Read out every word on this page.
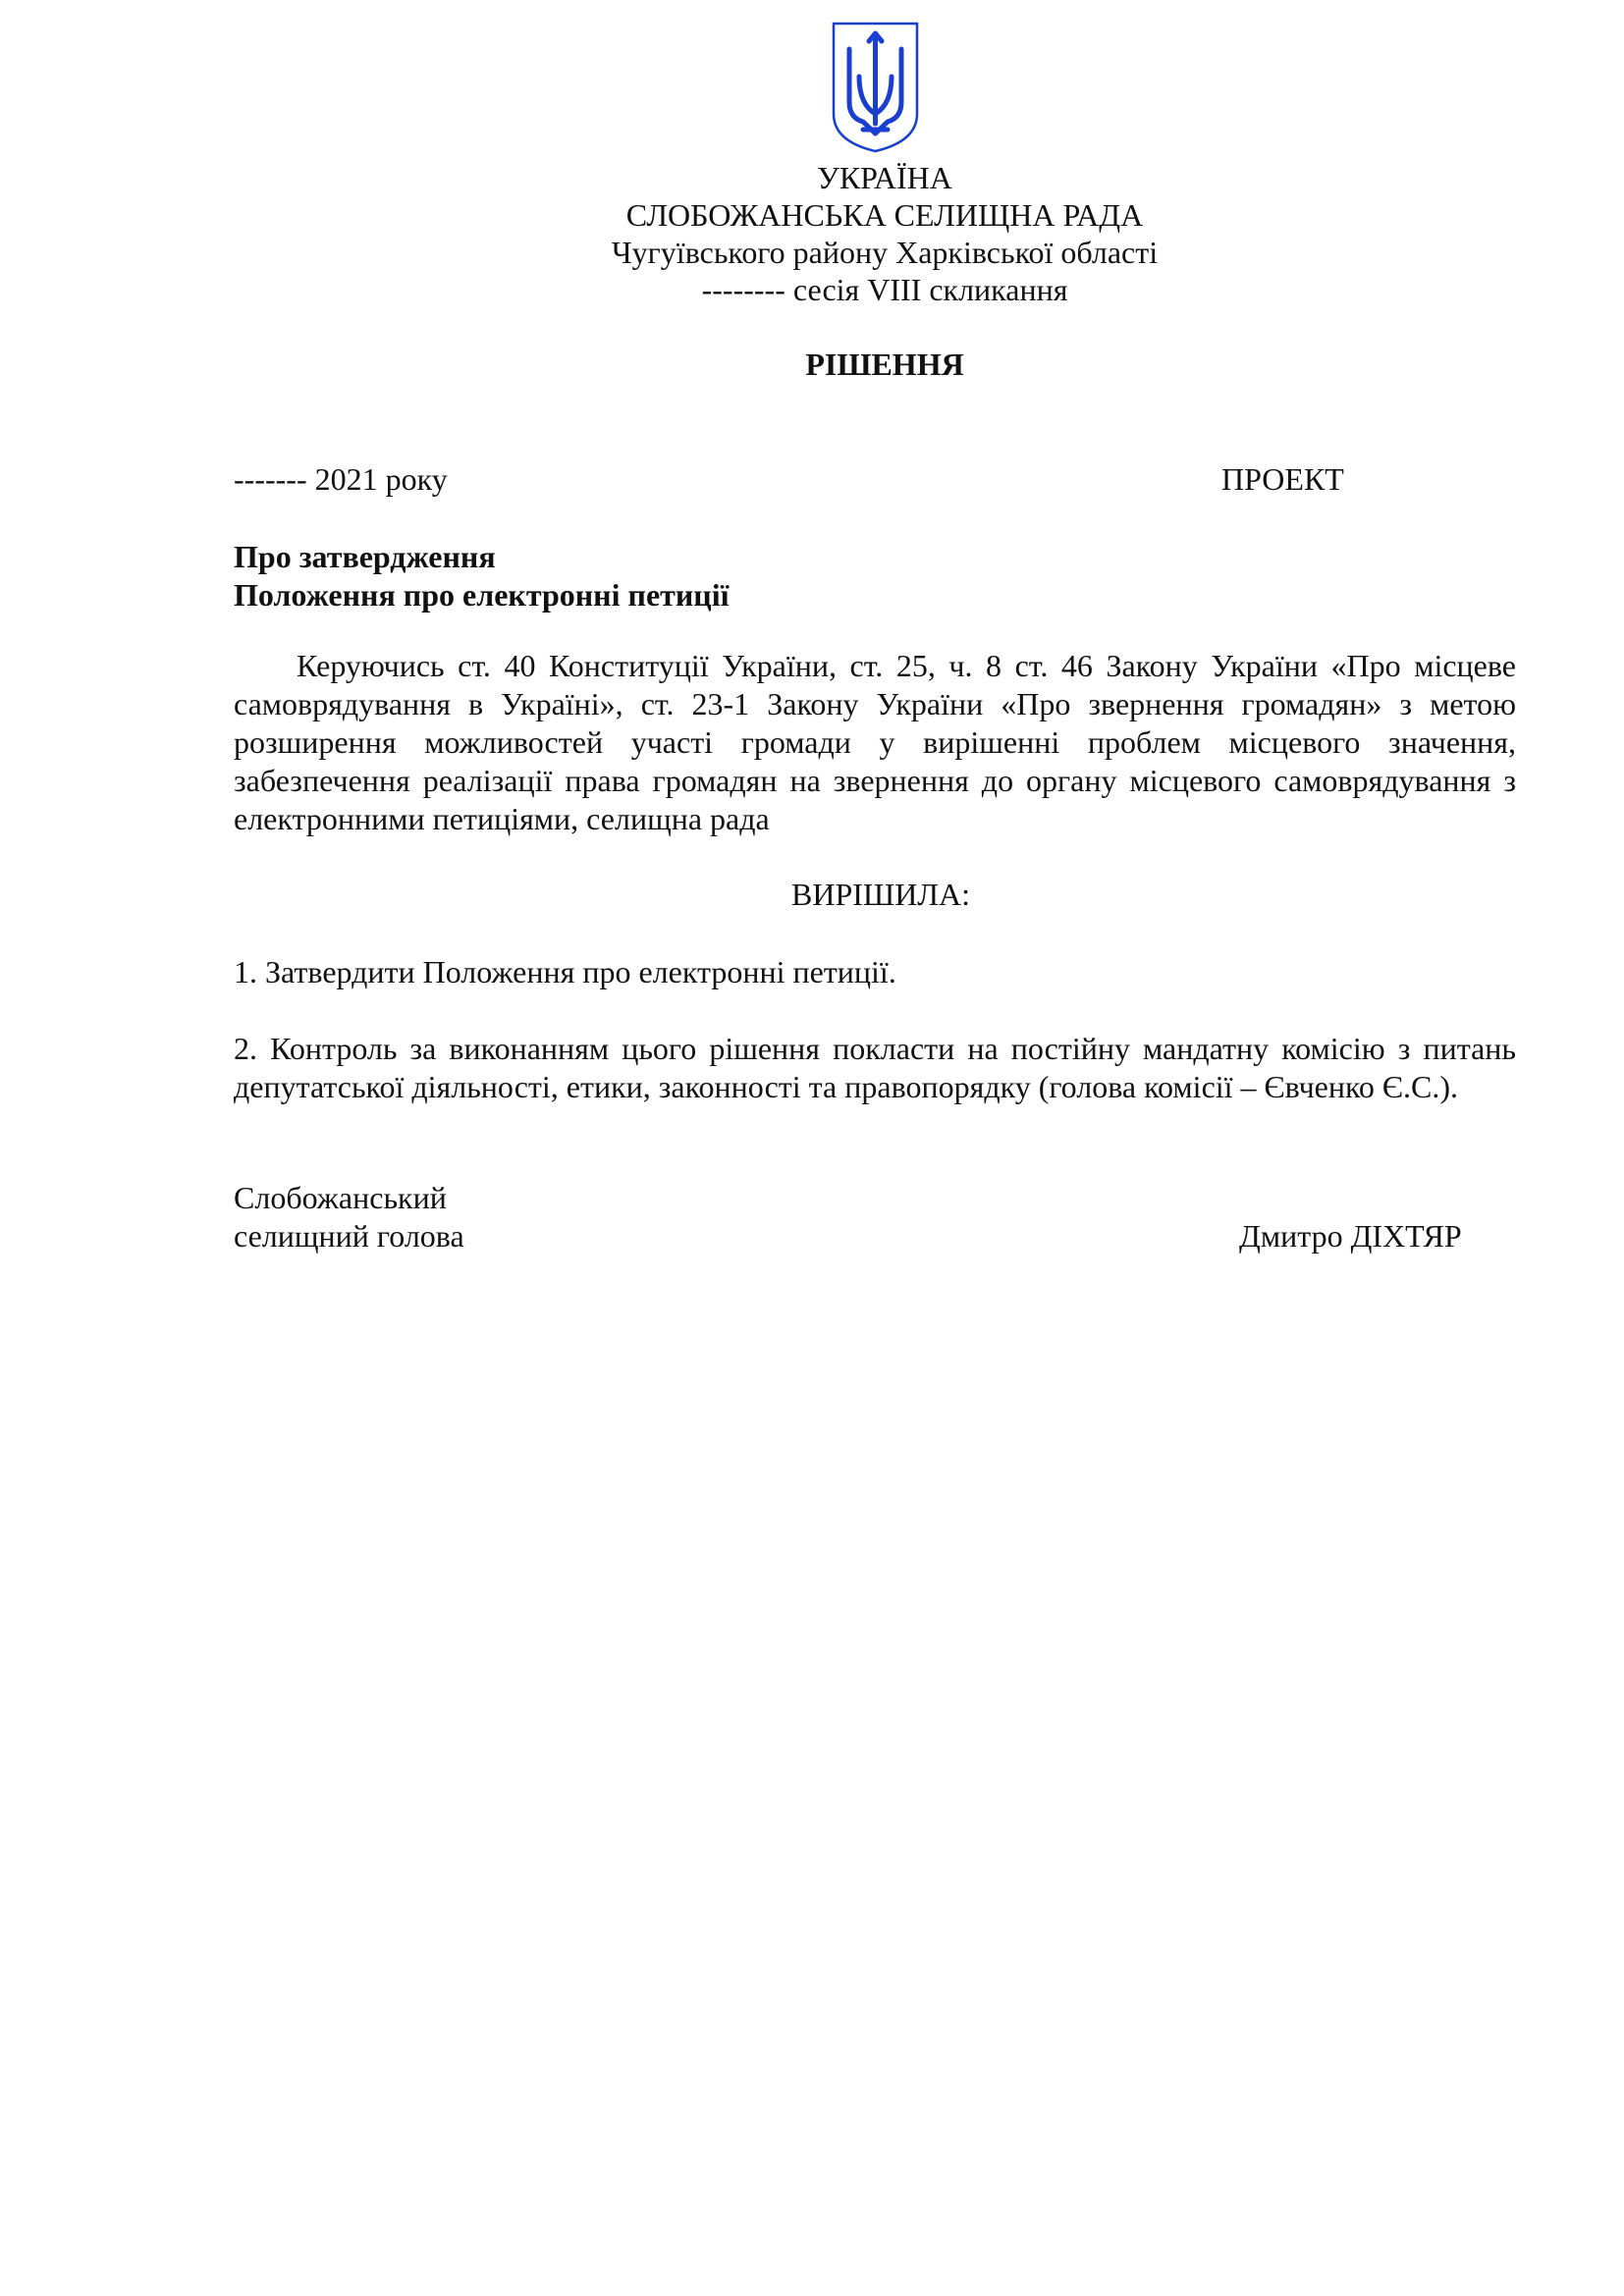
УКРАЇНА
СЛОБОЖАНСЬКА СЕЛИЩНА РАДА
Чугуївського району Харківської області
-------- сесія VIII скликання
РІШЕННЯ
------- 2021 року	ПРОЕКТ
Про затвердження
Положення про електронні петиції
Керуючись ст. 40 Конституції України, ст. 25, ч. 8 ст. 46 Закону України «Про місцеве самоврядування в Україні», ст. 23-1 Закону України «Про звернення громадян» з метою розширення можливостей участі громади у вирішенні проблем місцевого значення, забезпечення реалізації права громадян на звернення до органу місцевого самоврядування з електронними петиціями, селищна рада
ВИРІШИЛА:
1. Затвердити Положення про електронні петиції.
2. Контроль за виконанням цього рішення покласти на постійну мандатну комісію з питань депутатської діяльності, етики, законності та правопорядку (голова комісії – Євченко Є.С.).
Слобожанський
селищний голова	Дмитро ДІХТЯР
